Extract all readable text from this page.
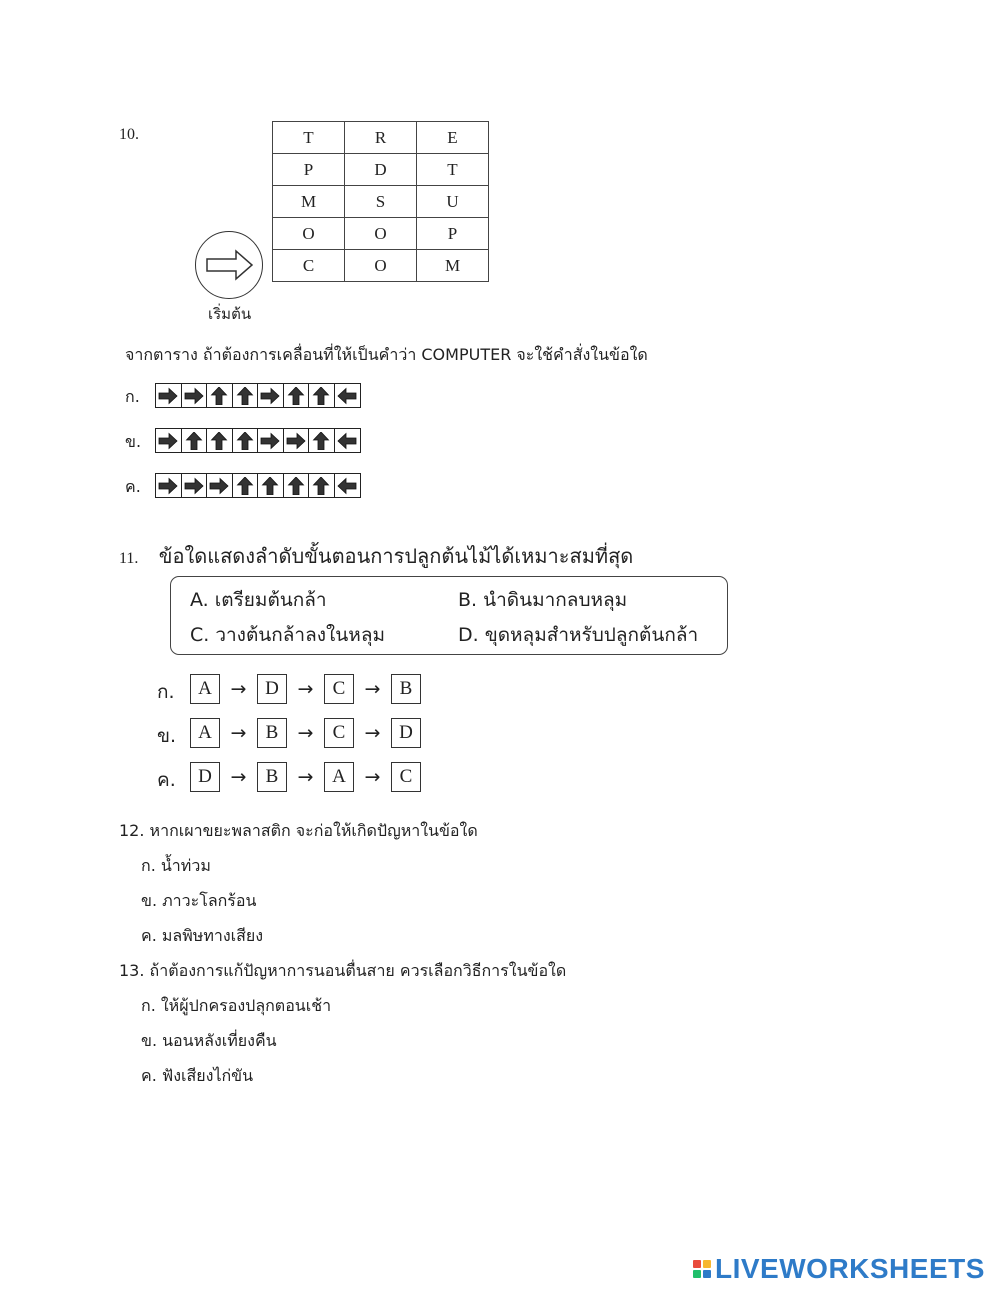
10.	T	R	E
P	D	T
M	S	U
O	O	P
C	O	M
เริ่มต้น
จากตาราง ถ้าต้องการเคลื่อนที่ให้เป็นคำว่า COMPUTER จะใช้คำสั่งในข้อใด
ก.
ข.
ค.
11. ข้อใดแสดงลำดับขั้นตอนการปลูกต้นไม้ได้เหมาะสมที่สุด
A. เตรียมต้นกล้า	B. นำดินมากลบหลุม
C. วางต้นกล้าลงในหลุม	D. ขุดหลุมสำหรับปลูกต้นกล้า
ก.	A → D →	C	→	B
ข.	A →	B	→	C	→ D
ค.	D →	B	→ A →	C
12. หากเผาขยะพลาสติก จะก่อให้เกิดปัญหาในข้อใด
ก. น้ำท่วม
ข. ภาวะโลกร้อน
ค. มลพิษทางเสียง
13. ถ้าต้องการแก้ปัญหาการนอนตื่นสาย ควรเลือกวิธีการในข้อใด
ก. ให้ผู้ปกครองปลุกตอนเช้า
ข. นอนหลังเที่ยงคืน
ค. ฟังเสียงไก่ขัน
LIVEWORKSHEETS
